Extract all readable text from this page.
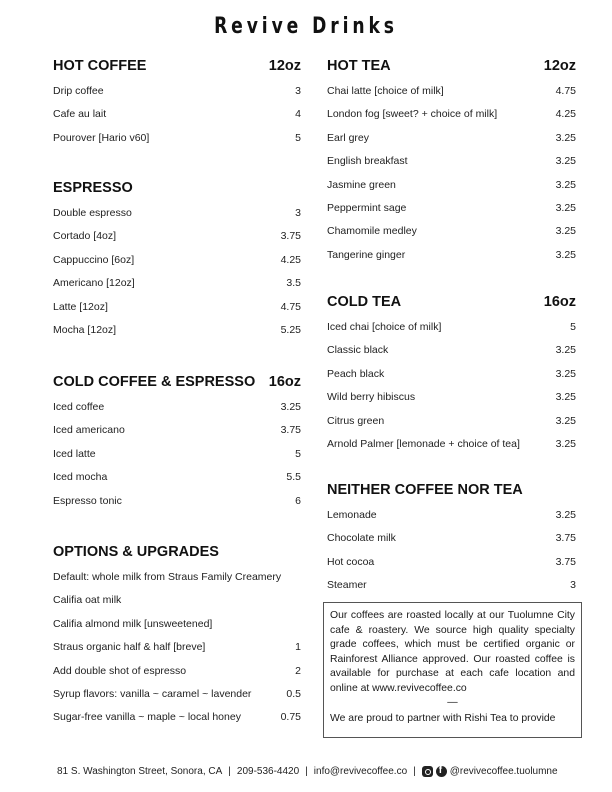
Revive Drinks
HOT COFFEE	12oz
Drip coffee	3
Cafe au lait	4
Pourover [Hario v60]	5
ESPRESSO
Double espresso	3
Cortado [4oz]	3.75
Cappuccino [6oz]	4.25
Americano [12oz]	3.5
Latte [12oz]	4.75
Mocha [12oz]	5.25
COLD COFFEE & ESPRESSO 16oz
Iced coffee	3.25
Iced americano	3.75
Iced latte	5
Iced mocha	5.5
Espresso tonic	6
OPTIONS & UPGRADES
Default: whole milk from Straus Family Creamery
Califia oat milk
Califia almond milk [unsweetened]
Straus organic half & half [breve]	1
Add double shot of espresso	2
Syrup flavors: vanilla ~ caramel ~ lavender	0.5
Sugar-free vanilla ~ maple ~ local honey	0.75
HOT TEA	12oz
Chai latte [choice of milk]	4.75
London fog [sweet? + choice of milk]	4.25
Earl grey	3.25
English breakfast	3.25
Jasmine green	3.25
Peppermint sage	3.25
Chamomile medley	3.25
Tangerine ginger	3.25
COLD TEA	16oz
Iced chai [choice of milk]	5
Classic black	3.25
Peach black	3.25
Wild berry hibiscus	3.25
Citrus green	3.25
Arnold Palmer [lemonade + choice of tea]	3.25
NEITHER COFFEE NOR TEA
Lemonade	3.25
Chocolate milk	3.75
Hot cocoa	3.75
Steamer	3

Our coffees are roasted locally at our Tuolumne City cafe & roastery. We source high quality specialty grade coffees, which must be certified organic or Rainforest Alliance approved. Our roasted coffee is available for purchase at each cafe location and online at www.revivecoffee.co

—

We are proud to partner with Rishi Tea to provide

81 S. Washington Street, Sonora, CA | 209-536-4420 | info@revivecoffee.co | f	@revivecoffee.tuolumne
